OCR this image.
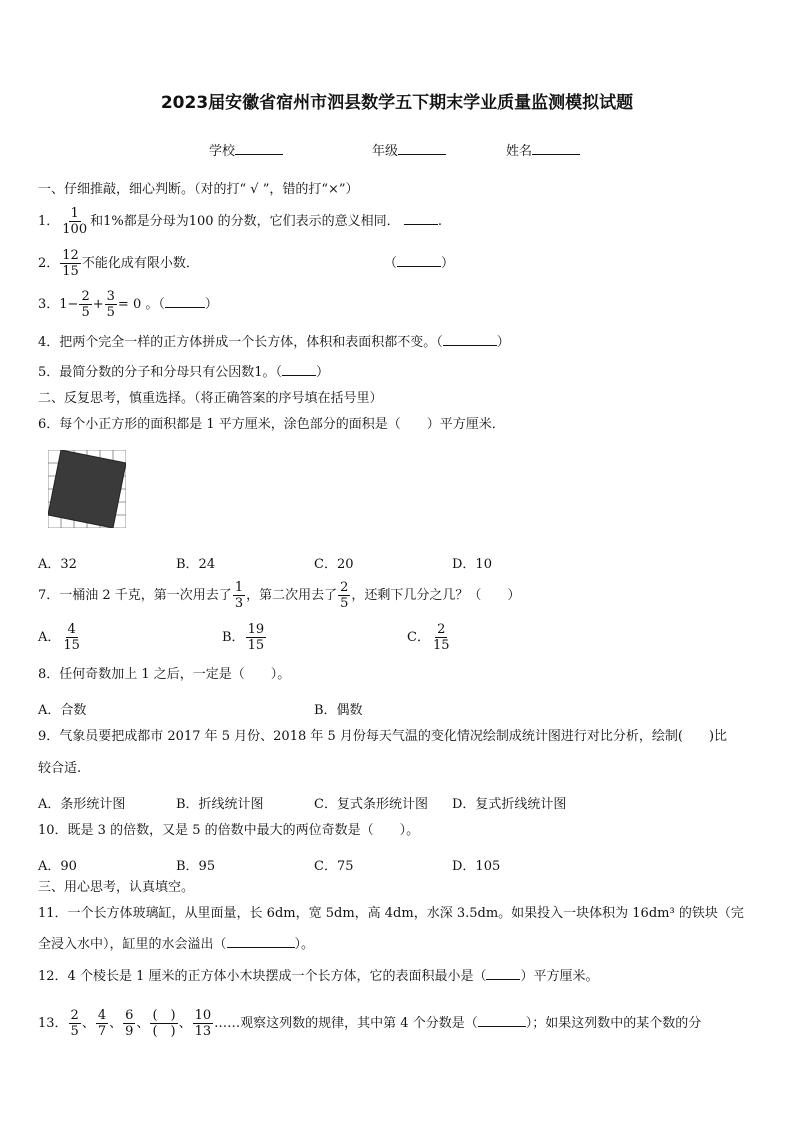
2023届安徽省宿州市泗县数学五下期末学业质量监测模拟试题
学校	年级	姓名
一、仔细推敲，细心判断。（对的打“ √ ”，错的打“×”）
1． $\frac{1}{100}$ 和1%都是分母为100 的分数，它们表示的意义相同．	.
2． $\frac{12}{15}$ 不能化成有限小数．	（	）
3．$1- \frac{2}{5} + \frac{3}{5} = 0$ 。（	）
4．把两个完全一样的正方体拼成一个长方体，体积和表面积都不变。（	）
5．最简分数的分子和分母只有公因数1。（	）
二、反复思考，慎重选择。（将正确答案的序号填在括号里）
6．每个小正方形的面积都是 1 平方厘米，涂色部分的面积是（　　）平方厘米．
A．32	B．24	C．20	D．10
7．一桶油 2 千克，第一次用去了 $\frac{1}{3}$ ，第二次用去了 $\frac{2}{5}$ ，还剩下几分之几？（　　）
A． $\frac{4}{15}$	B． $\frac{19}{15}$	C． $\frac{2}{15}$
8．任何奇数加上 1 之后，一定是（　　）。
A．合数	B．偶数
9．气象员要把成都市 2017 年 5 月份、2018 年 5 月份每天气温的变化情况绘制成统计图进行对比分析，绘制(　　)比
较合适.
A．条形统计图	B．折线统计图	C．复式条形统计图 D．复式折线统计图
10．既是 3 的倍数，又是 5 的倍数中最大的两位奇数是（　　）。
A．90	B．95	C．75	D．105
三、用心思考，认真填空。
11．一个长方体玻璃缸，从里面量，长 6dm，宽 5dm，高 4dm，水深 3.5dm。如果投入一块体积为 16dm³ 的铁块（完
全浸入水中），缸里的水会溢出（	）。
12．4 个棱长是 1 厘米的正方体小木块摆成一个长方体，它的表面积最小是（	）平方厘米。
13． $\frac{2}{5}$ 、 $\frac{4}{7}$ 、 $\frac{6}{9}$ 、 $\frac{( )}{( )}$ 、 $\frac{10}{13}$ ……观察这列数的规律，其中第 4 个分数是（	）；如果这列数中的某个数的分
